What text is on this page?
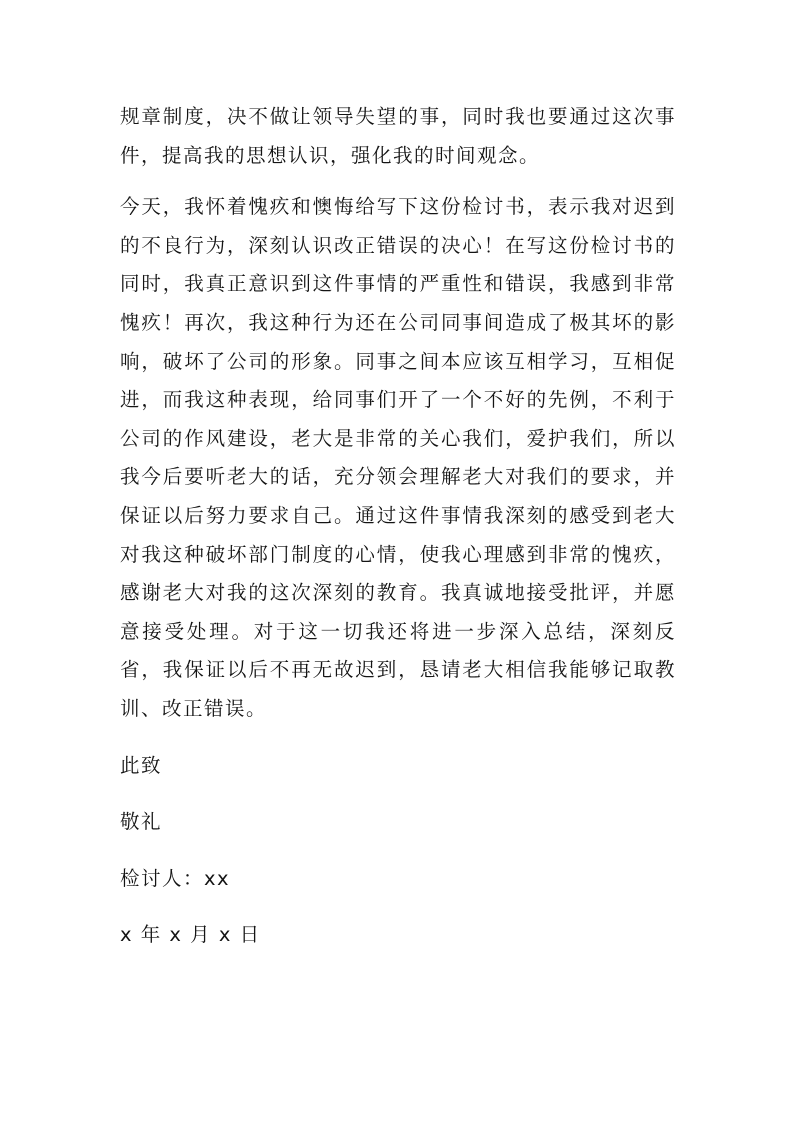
规章制度，决不做让领导失望的事，同时我也要通过这次事件，提高我的思想认识，强化我的时间观念。

今天，我怀着愧疚和懊悔给写下这份检讨书，表示我对迟到的不良行为，深刻认识改正错误的决心！在写这份检讨书的同时，我真正意识到这件事情的严重性和错误，我感到非常愧疚！再次，我这种行为还在公司同事间造成了极其坏的影响，破坏了公司的形象。同事之间本应该互相学习，互相促进，而我这种表现，给同事们开了一个不好的先例，不利于公司的作风建设，老大是非常的关心我们，爱护我们，所以我今后要听老大的话，充分领会理解老大对我们的要求，并保证以后努力要求自己。通过这件事情我深刻的感受到老大对我这种破坏部门制度的心情，使我心理感到非常的愧疚，感谢老大对我的这次深刻的教育。我真诚地接受批评，并愿意接受处理。对于这一切我还将进一步深入总结，深刻反省，我保证以后不再无故迟到，恳请老大相信我能够记取教训、改正错误。

此致

敬礼

检讨人：xx

x 年 x 月 x 日
